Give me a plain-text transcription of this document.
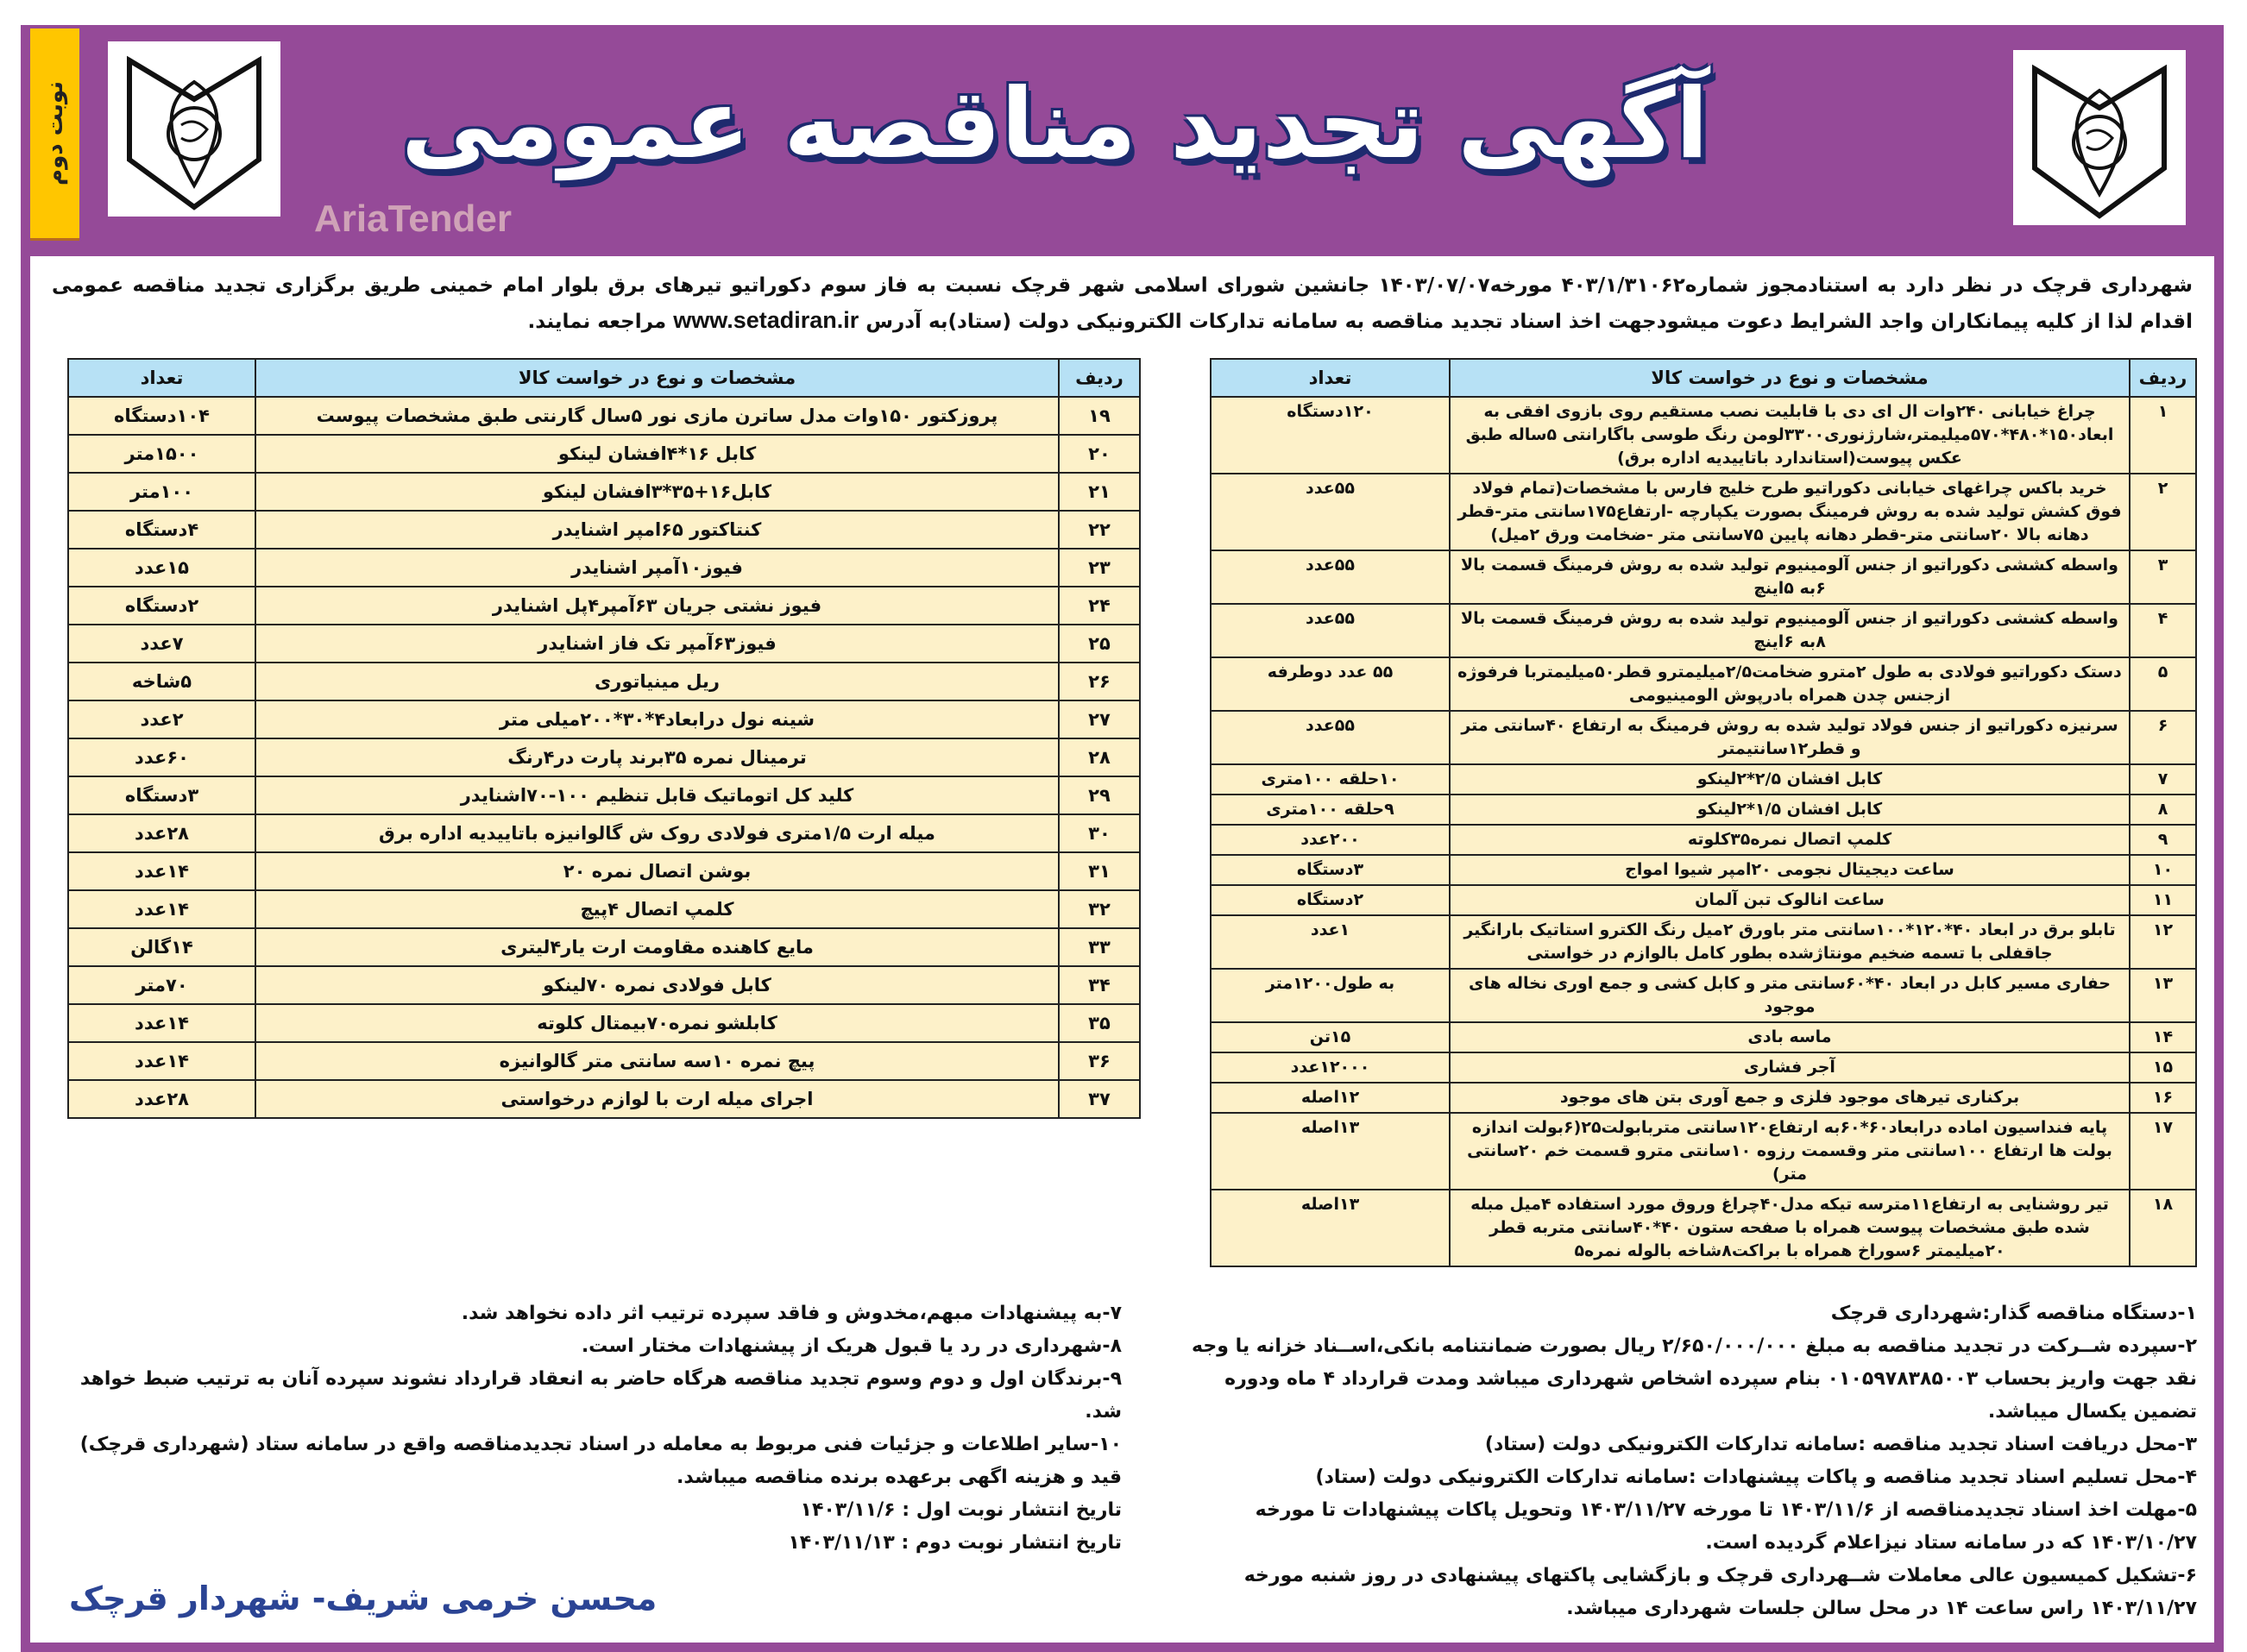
نوبت دوم	آگهی تجدید مناقصه عمومی
AriaTender
شهرداری قرچک در نظر دارد به استنادمجوز شماره۴۰۳/۱/۳۱۰۶۲ مورخه۱۴۰۳/۰۷/۰۷ جانشین شورای اسلامی شهر قرچک نسبت به فاز سوم دکوراتیو تیرهای برق بلوار امام خمینی طریق برگزاری تجدید مناقصه عمومی اقدام لذا از کلیه پیمانکاران واجد الشرایط دعوت میشودجهت اخذ اسناد تجدید مناقصه به سامانه تدارکات الکترونیکی دولت (ستاد)به آدرس www.setadiran.ir مراجعه نمایند.
ردیف	مشخصات و نوع در خواست کالا	تعداد
۱	چراغ خیابانی ۲۴۰وات ال ای دی با قابلیت نصب مستقیم روی بازوی افقی به ابعاد۱۵۰*۴۸۰*۵۷۰میلیمتر،شارژنوری۳۳۰۰لومن رنگ طوسی باگارانتی ۵ساله طبق عکس پیوست(استاندارد باتاییدیه اداره برق)	۱۲۰دستگاه
۲	خرید باکس چراغهای خیابانی دکوراتیو طرح خلیج فارس با مشخصات(تمام فولاد فوق کشش تولید شده به روش فرمینگ بصورت یکپارچه -ارتفاع۱۷۵سانتی متر-قطر دهانه بالا ۲۰سانتی متر-قطر دهانه پایین ۷۵سانتی متر -ضخامت ورق ۲میل)	۵۵عدد
۳	واسطه کششی دکوراتیو از جنس آلومینیوم تولید شده به روش فرمینگ قسمت بالا ۶به ۵اینچ	۵۵عدد
۴	واسطه کششی دکوراتیو از جنس آلومینیوم تولید شده به روش فرمینگ قسمت بالا ۸به ۶اینچ	۵۵عدد
۵	دستک دکوراتیو فولادی به طول ۲مترو ضخامت۲/۵میلیمترو قطر۵۰میلیمتربا فرفوژه ازجنس چدن همراه بادرپوش الومینیومی	۵۵ عدد دوطرفه
۶	سرنیزه دکوراتیو از جنس فولاد تولید شده به روش فرمینگ به ارتفاع ۴۰سانتی متر و قطر۱۲سانتیمتر	۵۵عدد
۷	کابل افشان ۲/۵*۲لینکو	۱۰حلقه ۱۰۰متری
۸	کابل افشان ۱/۵*۲لینکو	۹حلقه ۱۰۰متری
۹	کلمپ اتصال نمره۳۵کلوته	۲۰۰عدد
۱۰	ساعت دیجیتال نجومی ۲۰امپر شیوا امواج	۳دستگاه
۱۱	ساعت انالوک تبن آلمان	۲دستگاه
۱۲	تابلو برق در ابعاد ۴۰*۱۲۰*۱۰۰سانتی متر باورق ۲میل رنگ الکترو استاتیک بارانگیر جاقفلی با تسمه ضخیم مونتاژشده بطور کامل بالوازم در خواستی	۱عدد
۱۳	حفاری مسیر کابل در ابعاد ۴۰*۶۰سانتی متر و کابل کشی و جمع اوری نخاله های موجود	به طول۱۲۰۰متر
۱۴	ماسه بادی	۱۵تن
۱۵	آجر فشاری	۱۲۰۰۰عدد
۱۶	برکناری تیرهای موجود فلزی و جمع آوری بتن های موجود	۱۲اصله
۱۷	پایه فنداسیون اماده درابعاد۶۰*۶۰به ارتفاع۱۲۰سانتی متربابولت۲۵(۶بولت اندازه بولت ها ارتفاع ۱۰۰سانتی متر وقسمت رزوه ۱۰سانتی مترو قسمت خم ۲۰سانتی متر)	۱۳اصله
۱۸	تیر روشنایی به ارتفاع۱۱مترسه تیکه مدل۴۰چراغ وروق مورد استفاده ۴میل مبله شده طبق مشخصات پیوست همراه با صفحه ستون ۴۰*۴۰سانتی متربه قطر ۲۰میلیمتر ۶سوراخ همراه با براکت۸شاخه بالوله نمره۵	۱۳اصله
ردیف	مشخصات و نوع در خواست کالا	تعداد
۱۹	پروزکتور ۱۵۰وات مدل ساترن مازی نور ۵سال گارنتی طبق مشخصات پیوست	۱۰۴دستگاه
۲۰	کابل ۱۶*۴افشان لینکو	۱۵۰۰متر
۲۱	کابل۱۶+۳۵*۳افشان لینکو	۱۰۰متر
۲۲	کنتاکتور ۶۵امپر اشنایدر	۴دستگاه
۲۳	فیوز۱۰آمپر اشنایدر	۱۵عدد
۲۴	فیوز نشتی جریان ۶۳آمپر۴پل اشنایدر	۲دستگاه
۲۵	فیوز۶۳آمپر تک فاز اشنایدر	۷عدد
۲۶	ریل مینیاتوری	۵شاخه
۲۷	شینه نول درابعاد۴*۳۰*۲۰۰میلی متر	۲عدد
۲۸	ترمینال نمره ۳۵برند پارت در۴رنگ	۶۰عدد
۲۹	کلید کل اتوماتیک قابل تنظیم ۱۰۰-۷۰اشنایدر	۳دستگاه
۳۰	میله ارت ۱/۵متری فولادی روک ش گالوانیزه باتاییدیه اداره برق	۲۸عدد
۳۱	بوشن اتصال نمره ۲۰	۱۴عدد
۳۲	کلمپ اتصال ۴پیچ	۱۴عدد
۳۳	مایع کاهنده مقاومت ارت یار۴لیتری	۱۴گالن
۳۴	کابل فولادی نمره ۷۰لینکو	۷۰متر
۳۵	کابلشو نمره۷۰بیمتال کلوته	۱۴عدد
۳۶	پیچ نمره ۱۰سه سانتی متر گالوانیزه	۱۴عدد
۳۷	اجرای میله ارت با لوازم درخواستی	۲۸عدد

۱-دستگاه مناقصه گذار:شهرداری قرچک

۲-سپرده شــرکت در تجدید مناقصه به مبلغ ۲/۶۵۰/۰۰۰/۰۰۰ ریال بصورت ضمانتنامه بانکی،اســناد خزانه یا وجه نقد جهت واریز بحساب ۰۱۰۵۹۷۸۳۸۵۰۰۳ بنام سپرده اشخاص شهرداری میباشد ومدت قرارداد ۴ ماه ودوره تضمین یکسال میباشد.

۳-محل دریافت اسناد تجدید مناقصه :سامانه تدارکات الکترونیکی دولت (ستاد)

۴-محل تسلیم اسناد تجدید مناقصه و پاکات پیشنهادات :سامانه تدارکات الکترونیکی دولت (ستاد)

۵-مهلت اخذ اسناد تجدیدمناقصه از ۱۴۰۳/۱۱/۶ تا مورخه ۱۴۰۳/۱۱/۲۷ وتحویل پاکات پیشنهادات تا مورخه ۱۴۰۳/۱۰/۲۷ که در سامانه ستاد نیزاعلام گردیده است.

۶-تشکیل کمیسیون عالی معاملات شــهرداری قرچک و بازگشایی پاکتهای پیشنهادی در روز شنبه مورخه ۱۴۰۳/۱۱/۲۷ راس ساعت ۱۴ در محل سالن جلسات شهرداری میباشد.

۷-به پیشنهادات مبهم،مخدوش و فاقد سپرده ترتیب اثر داده نخواهد شد.

۸-شهرداری در رد یا قبول هریک از پیشنهادات مختار است.

۹-برندگان اول و دوم وسوم تجدید مناقصه هرگاه حاضر به انعقاد قرارداد نشوند سپرده آنان به ترتیب ضبط خواهد شد.

۱۰-سایر اطلاعات و جزئیات فنی مربوط به معامله در اسناد تجدیدمناقصه واقع در سامانه ستاد (شهرداری قرچک) قید و هزینه اگهی برعهده برنده مناقصه میباشد.

تاریخ انتشار نوبت اول : ۱۴۰۳/۱۱/۶

تاریخ انتشار نوبت دوم : ۱۴۰۳/۱۱/۱۳

محسن خرمی شریف- شهردار قرچک
